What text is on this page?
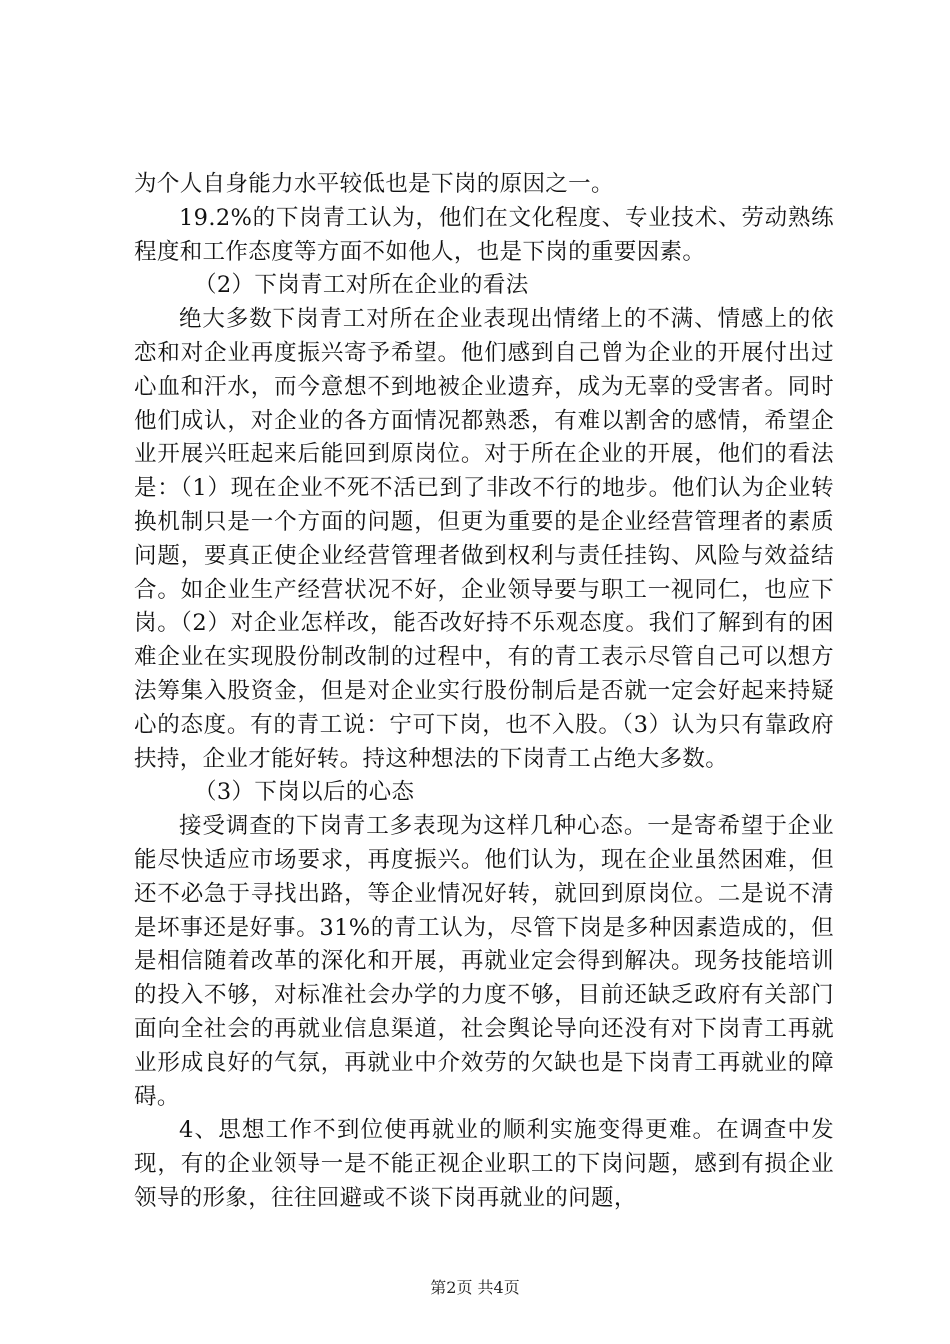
为个人自身能力水平较低也是下岗的原因之一。

19.2%的下岗青工认为，他们在文化程度、专业技术、劳动熟练程度和工作态度等方面不如他人，也是下岗的重要因素。

（2）下岗青工对所在企业的看法

绝大多数下岗青工对所在企业表现出情绪上的不满、情感上的依恋和对企业再度振兴寄予希望。他们感到自己曾为企业的开展付出过心血和汗水，而今意想不到地被企业遗弃，成为无辜的受害者。同时他们成认，对企业的各方面情况都熟悉，有难以割舍的感情，希望企业开展兴旺起来后能回到原岗位。对于所在企业的开展，他们的看法是：（1）现在企业不死不活已到了非改不行的地步。他们认为企业转换机制只是一个方面的问题，但更为重要的是企业经营管理者的素质问题，要真正使企业经营管理者做到权利与责任挂钩、风险与效益结合。如企业生产经营状况不好，企业领导要与职工一视同仁，也应下岗。（2）对企业怎样改，能否改好持不乐观态度。我们了解到有的困难企业在实现股份制改制的过程中，有的青工表示尽管自己可以想方法筹集入股资金，但是对企业实行股份制后是否就一定会好起来持疑心的态度。有的青工说：宁可下岗，也不入股。（3）认为只有靠政府扶持，企业才能好转。持这种想法的下岗青工占绝大多数。

（3）下岗以后的心态

接受调查的下岗青工多表现为这样几种心态。一是寄希望于企业能尽快适应市场要求，再度振兴。他们认为，现在企业虽然困难，但还不必急于寻找出路，等企业情况好转，就回到原岗位。二是说不清是坏事还是好事。31%的青工认为，尽管下岗是多种因素造成的，但是相信随着改革的深化和开展，再就业定会得到解决。现务技能培训的投入不够，对标准社会办学的力度不够，目前还缺乏政府有关部门面向全社会的再就业信息渠道，社会舆论导向还没有对下岗青工再就业形成良好的气氛，再就业中介效劳的欠缺也是下岗青工再就业的障碍。

4、思想工作不到位使再就业的顺利实施变得更难。在调查中发现，有的企业领导一是不能正视企业职工的下岗问题，感到有损企业领导的形象，往往回避或不谈下岗再就业的问题，

第2页 共4页
